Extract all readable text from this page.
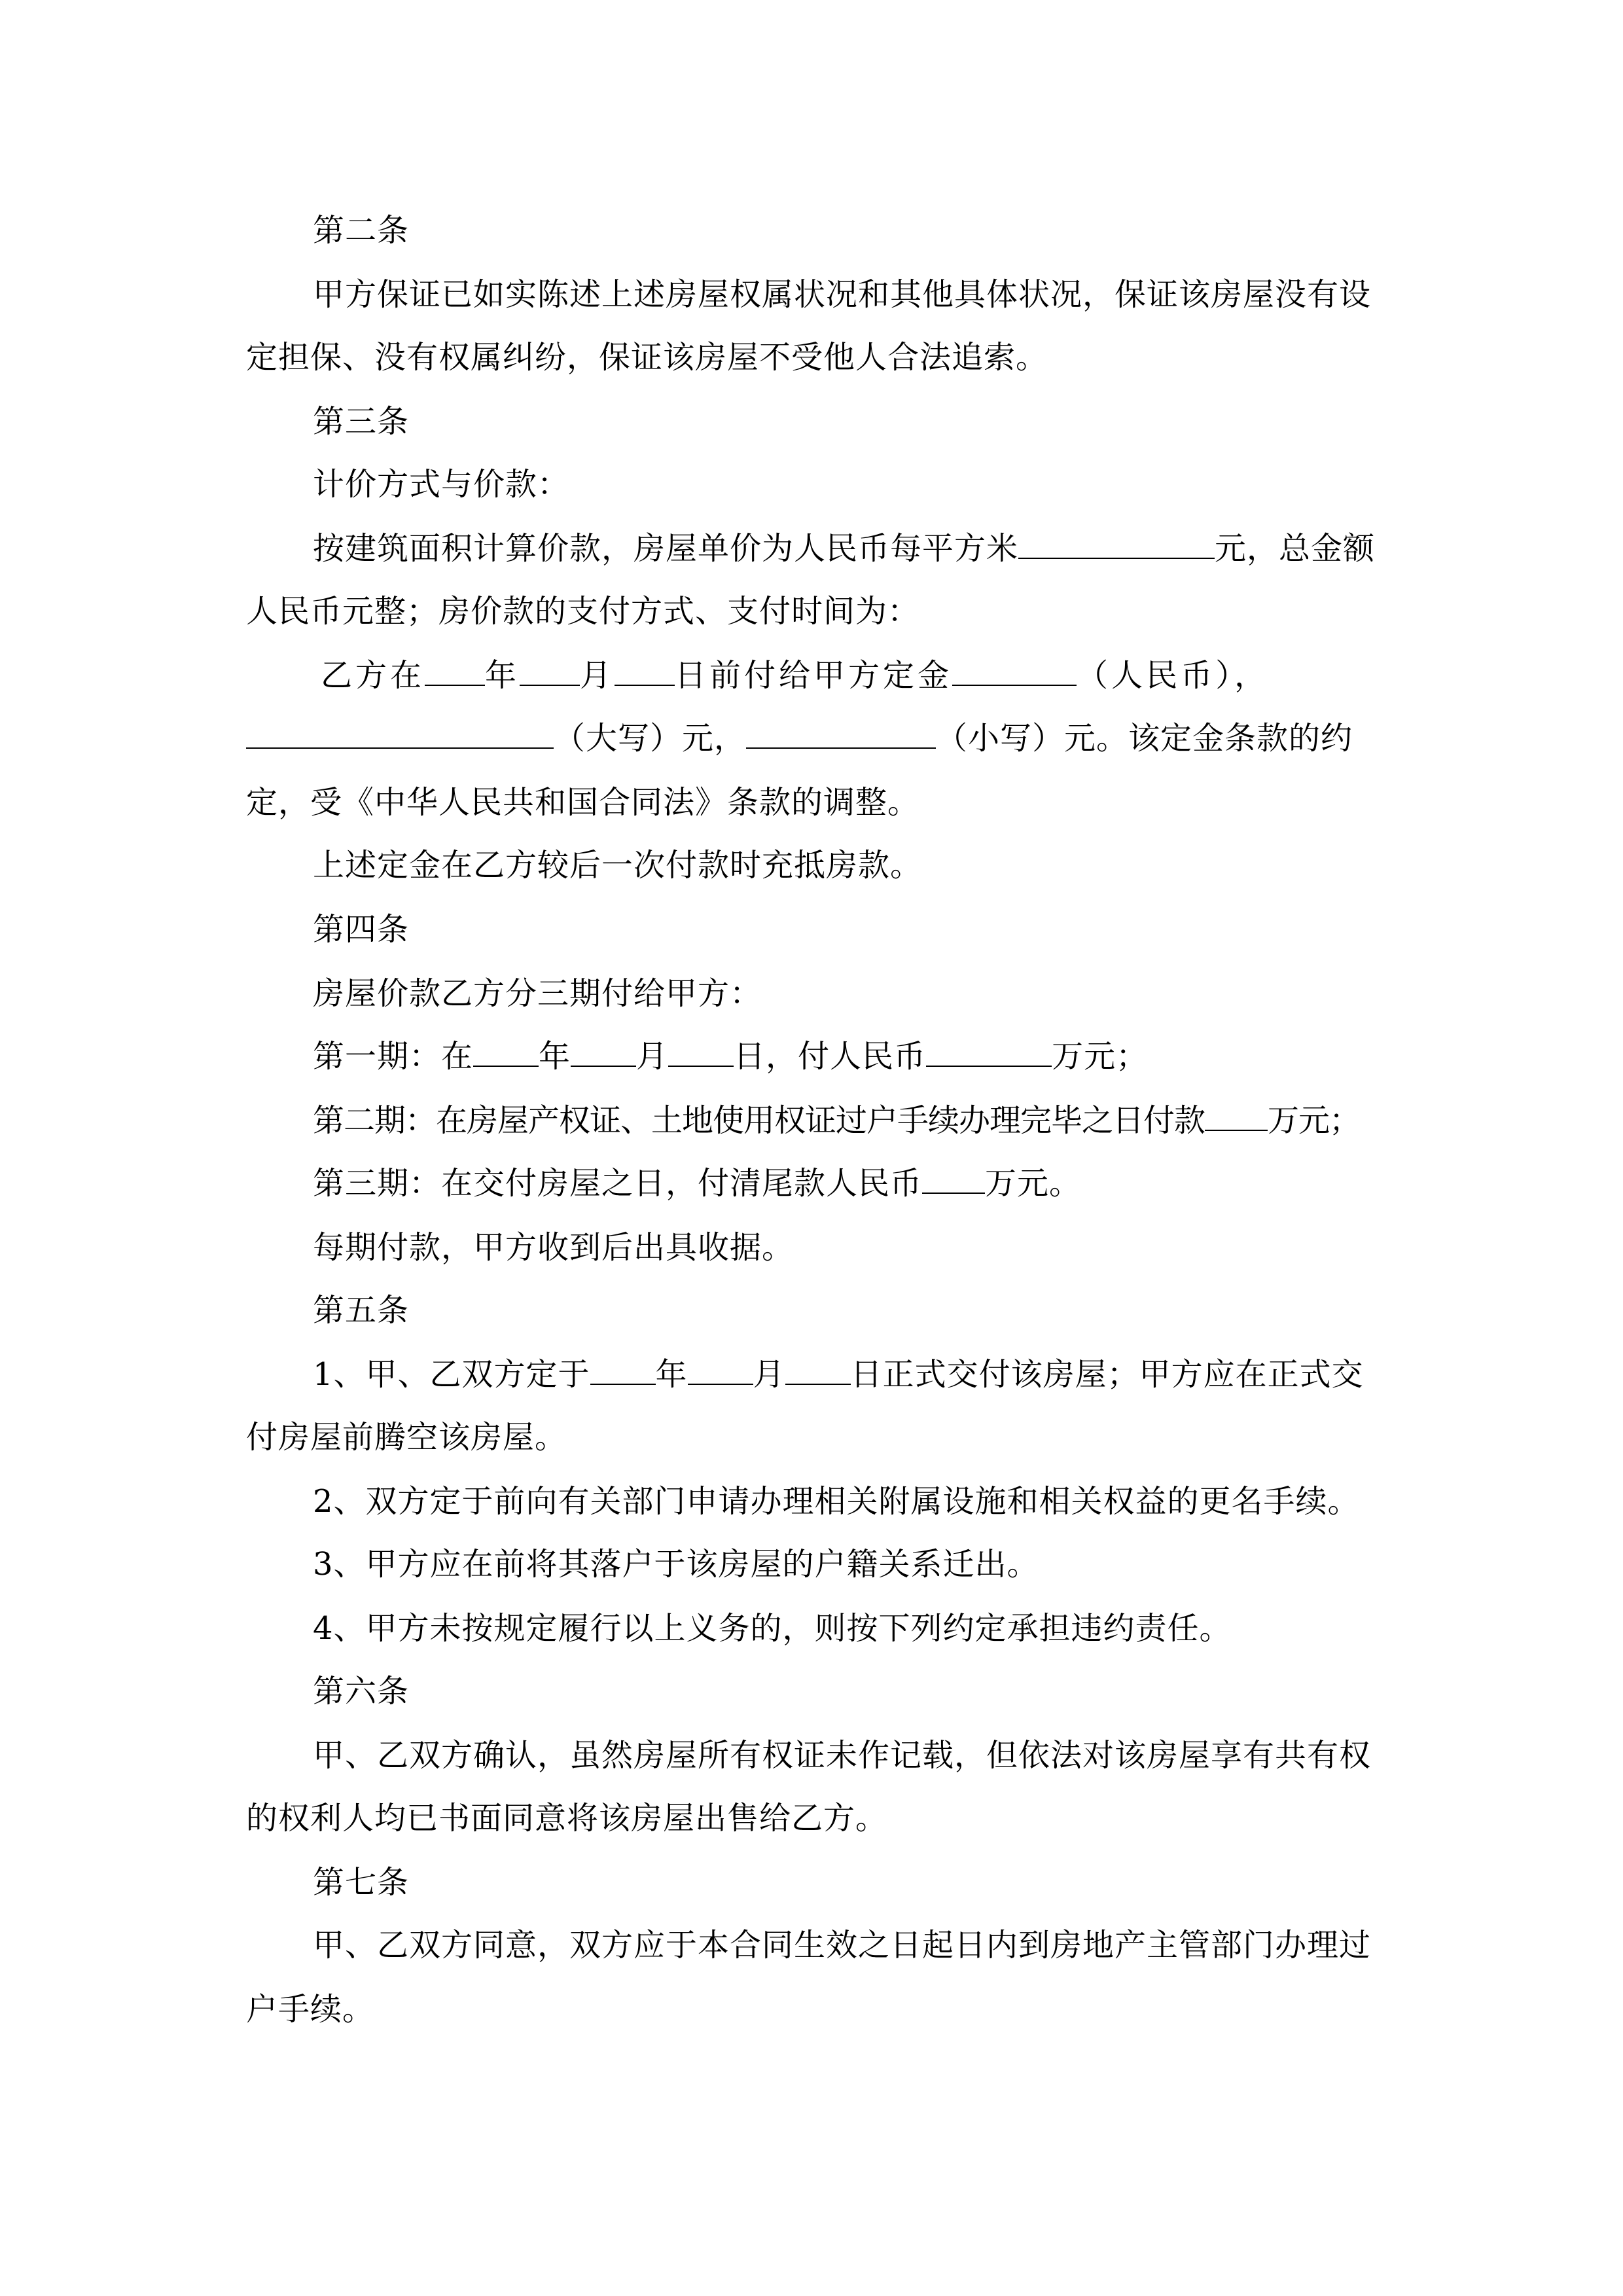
第二条
甲方保证已如实陈述上述房屋权属状况和其他具体状况，保证该房屋没有设
定担保、没有权属纠纷，保证该房屋不受他人合法追索。
第三条
计价方式与价款：
按建筑面积计算价款，房屋单价为人民币每平方米	元，总金额
人民币元整；房价款的支付方式、支付时间为：
乙方在 年 月 日前付给甲方定金	（人民币），
（大写）元，	（小写）元。该定金条款的约
定，受《中华人民共和国合同法》条款的调整。
上述定金在乙方较后一次付款时充抵房款。
第四条
房屋价款乙方分三期付给甲方：
第一期：在 年 月 日，付人民币	万元；
第二期：在房屋产权证、土地使用权证过户手续办理完毕之日付款 万元；
第三期：在交付房屋之日，付清尾款人民币 万元。
每期付款，甲方收到后出具收据。
第五条
1、甲、乙双方定于 年 月 日正式交付该房屋；甲方应在正式交
付房屋前腾空该房屋。
2、双方定于前向有关部门申请办理相关附属设施和相关权益的更名手续。
3、甲方应在前将其落户于该房屋的户籍关系迁出。
4、甲方未按规定履行以上义务的，则按下列约定承担违约责任。
第六条
甲、乙双方确认，虽然房屋所有权证未作记载，但依法对该房屋享有共有权
的权利人均已书面同意将该房屋出售给乙方。
第七条
甲、乙双方同意，双方应于本合同生效之日起日内到房地产主管部门办理过
户手续。
